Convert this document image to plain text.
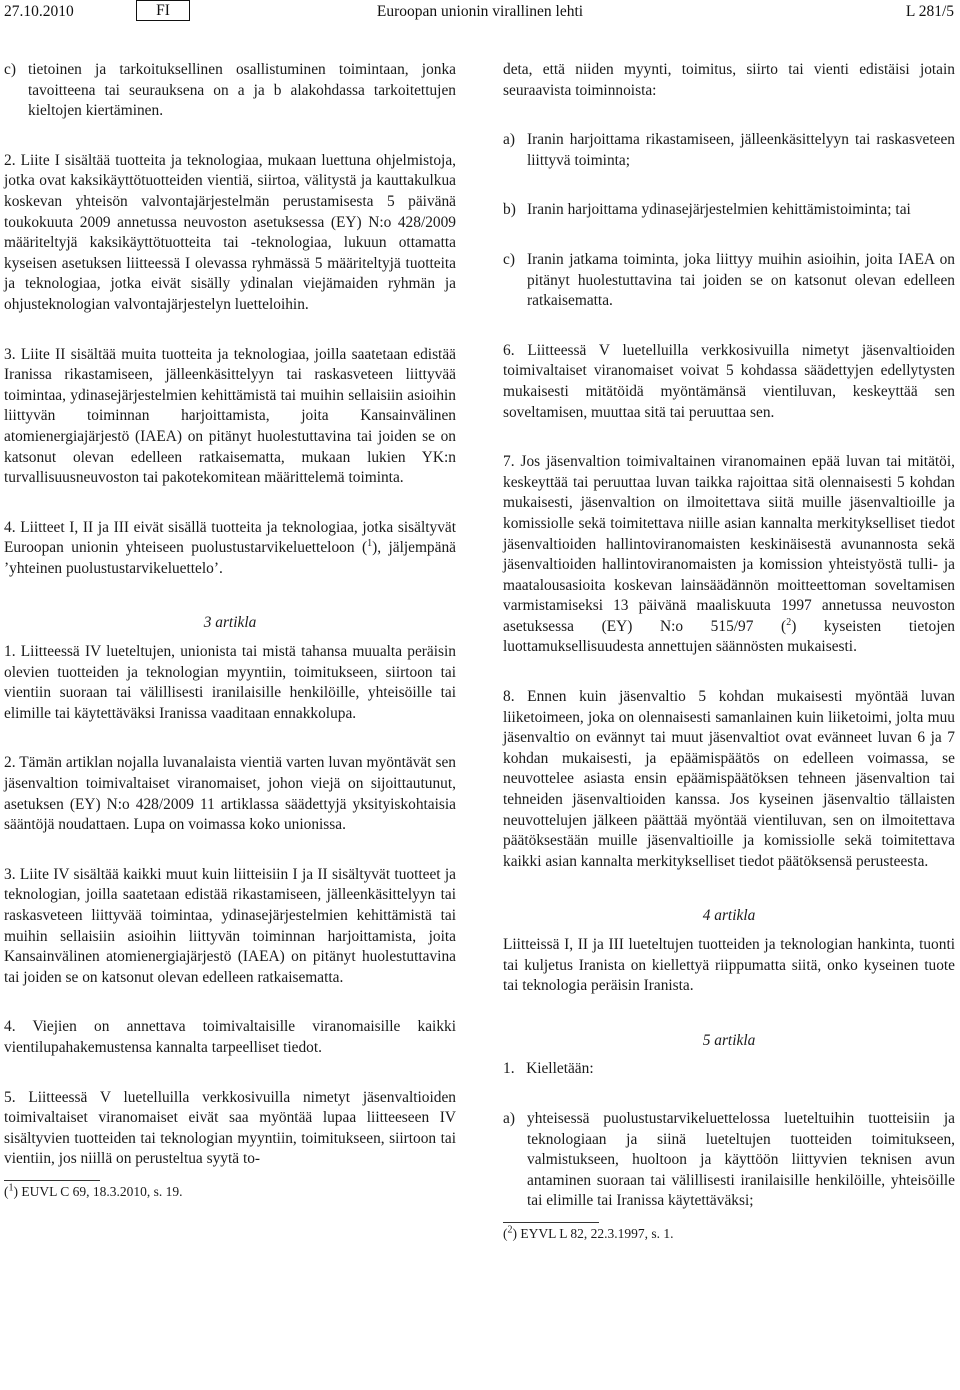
27.10.2010	FI	Euroopan unionin virallinen lehti	L 281/5
c) tietoinen ja tarkoituksellinen osallistuminen toimintaan, jonka tavoitteena tai seurauksena on a ja b alakohdassa tarkoitettujen kieltojen kiertäminen.

2. Liite I sisältää tuotteita ja teknologiaa, mukaan luettuna ohjelmistoja, jotka ovat kaksikäyttötuotteiden vientiä, siirtoa, välitystä ja kauttakulkua koskevan yhteisön valvontajärjestelmän perustamisesta 5 päivänä toukokuuta 2009 annetussa neuvoston asetuksessa (EY) N:o 428/2009 määriteltyjä kaksikäyttötuotteita tai -teknologiaa, lukuun ottamatta kyseisen asetuksen liitteessä I olevassa ryhmässä 5 määriteltyjä tuotteita ja teknologiaa, jotka eivät sisälly ydinalan viejämaiden ryhmän ja ohjusteknologian valvontajärjestelyn luetteloihin.

3. Liite II sisältää muita tuotteita ja teknologiaa, joilla saatetaan edistää Iranissa rikastamiseen, jälleenkäsittelyyn tai raskasveteen liittyvää toimintaa, ydinasejärjestelmien kehittämistä tai muihin sellaisiin asioihin liittyvän toiminnan harjoittamista, joita Kansainvälinen atomienergiajärjestö (IAEA) on pitänyt huolestuttavina tai joiden se on katsonut olevan edelleen ratkaisematta, mukaan lukien YK:n turvallisuusneuvoston tai pakotekomitean määrittelemä toiminta.

4. Liitteet I, II ja III eivät sisällä tuotteita ja teknologiaa, jotka sisältyvät Euroopan unionin yhteiseen puolustustarvikeluetteloon ($^1$), jäljempänä ’yhteinen puolustustarvikeluettelo’.

3 artikla

1. Liitteessä IV lueteltujen, unionista tai mistä tahansa muualta peräisin olevien tuotteiden ja teknologian myyntiin, toimitukseen, siirtoon tai vientiin suoraan tai välillisesti iranilaisille henkilöille, yhteisöille tai elimille tai käytettäväksi Iranissa vaaditaan ennakkolupa.

2. Tämän artiklan nojalla luvanalaista vientiä varten luvan myöntävät sen jäsenvaltion toimivaltaiset viranomaiset, johon viejä on sijoittautunut, asetuksen (EY) N:o 428/2009 11 artiklassa säädettyjä yksityiskohtaisia sääntöjä noudattaen. Lupa on voimassa koko unionissa.

3. Liite IV sisältää kaikki muut kuin liitteisiin I ja II sisältyvät tuotteet ja teknologian, joilla saatetaan edistää rikastamiseen, jälleenkäsittelyyn tai raskasveteen liittyvää toimintaa, ydinasejärjestelmien kehittämistä tai muihin sellaisiin asioihin liittyvän toiminnan harjoittamista, joita Kansainvälinen atomienergiajärjestö (IAEA) on pitänyt huolestuttavina tai joiden se on katsonut olevan edelleen ratkaisematta.

4. Viejien on annettava toimivaltaisille viranomaisille kaikki vientilupahakemustensa kannalta tarpeelliset tiedot.

5. Liitteessä V luetelluilla verkkosivuilla nimetyt jäsenvaltioiden toimivaltaiset viranomaiset eivät saa myöntää lupaa liitteeseen IV sisältyvien tuotteiden tai teknologian myyntiin, toimitukseen, siirtoon tai vientiin, jos niillä on perusteltua syytä to-

($^1$) EUVL C 69, 18.3.2010, s. 19.

deta, että niiden myynti, toimitus, siirto tai vienti edistäisi jotain seuraavista toiminnoista:

a) Iranin harjoittama rikastamiseen, jälleenkäsittelyyn tai raskasveteen liittyvä toiminta;
b) Iranin harjoittama ydinasejärjestelmien kehittämistoiminta; tai
c) Iranin jatkama toiminta, joka liittyy muihin asioihin, joita IAEA on pitänyt huolestuttavina tai joiden se on katsonut olevan edelleen ratkaisematta.

6. Liitteessä V luetelluilla verkkosivuilla nimetyt jäsenvaltioiden toimivaltaiset viranomaiset voivat 5 kohdassa säädettyjen edellytysten mukaisesti mitätöidä myöntämänsä vientiluvan, keskeyttää sen soveltamisen, muuttaa sitä tai peruuttaa sen.

7. Jos jäsenvaltion toimivaltainen viranomainen epää luvan tai mitätöi, keskeyttää tai peruuttaa luvan taikka rajoittaa sitä olennaisesti 5 kohdan mukaisesti, jäsenvaltion on ilmoitettava siitä muille jäsenvaltioille ja komissiolle sekä toimitettava niille asian kannalta merkitykselliset tiedot jäsenvaltioiden hallintoviranomaisten keskinäisestä avunannosta sekä jäsenvaltioiden hallintoviranomaisten ja komission yhteistyöstä tulli- ja maatalousasioita koskevan lainsäädännön moitteettoman soveltamisen varmistamiseksi 13 päivänä maaliskuuta 1997 annetussa neuvoston asetuksessa (EY) N:o 515/97 ($^2$) kyseisten tietojen luottamuksellisuudesta annettujen säännösten mukaisesti.

8. Ennen kuin jäsenvaltio 5 kohdan mukaisesti myöntää luvan liiketoimeen, joka on olennaisesti samanlainen kuin liiketoimi, jolta muu jäsenvaltio on evännyt tai muut jäsenvaltiot ovat evänneet luvan 6 ja 7 kohdan mukaisesti, ja epäämispäätös on edelleen voimassa, se neuvottelee asiasta ensin epäämispäätöksen tehneen jäsenvaltion tai tehneiden jäsenvaltioiden kanssa. Jos kyseinen jäsenvaltio tällaisten neuvottelujen jälkeen päättää myöntää vientiluvan, sen on ilmoitettava päätöksestään muille jäsenvaltioille ja komissiolle sekä toimitettava kaikki asian kannalta merkitykselliset tiedot päätöksensä perusteesta.

4 artikla

Liitteissä I, II ja III lueteltujen tuotteiden ja teknologian hankinta, tuonti tai kuljetus Iranista on kiellettyä riippumatta siitä, onko kyseinen tuote tai teknologia peräisin Iranista.

5 artikla

1.   Kielletään:

a) yhteisessä puolustustarvikeluettelossa lueteltuihin tuotteisiin ja teknologiaan ja siinä lueteltujen tuotteiden toimitukseen, valmistukseen, huoltoon ja käyttöön liittyvien teknisen avun antaminen suoraan tai välillisesti iranilaisille henkilöille, yhteisöille tai elimille tai Iranissa käytettäväksi;

($^2$) EYVL L 82, 22.3.1997, s. 1.
